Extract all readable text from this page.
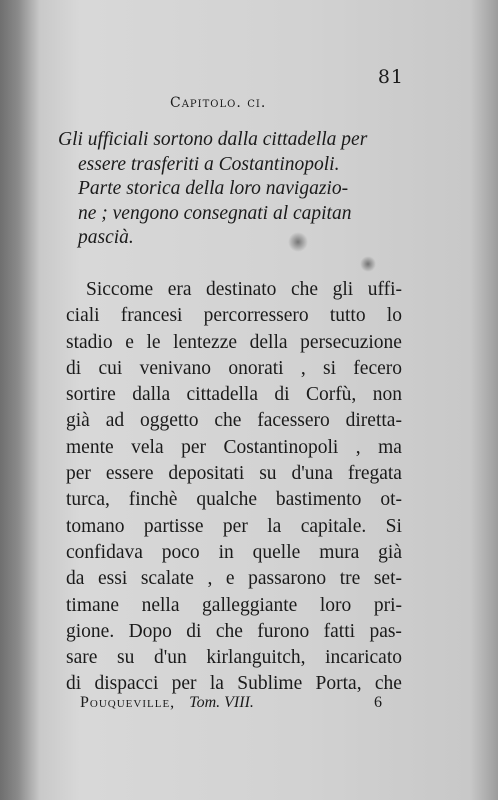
81
Capitolo. ci.
Gli ufficiali sortono dalla cittadella per
essere trasferiti a Costantinopoli.
Parte storica della loro navigazio-
ne ; vengono consegnati al capitan
pascià.
Siccome era destinato che gli uffi-
ciali francesi percorressero tutto lo
stadio e le lentezze della persecuzione
di cui venivano onorati , si fecero
sortire dalla cittadella di Corfù, non
già ad oggetto che facessero diretta-
mente vela per Costantinopoli , ma
per essere depositati su d'una fregata
turca, finchè qualche bastimento ot-
tomano partisse per la capitale. Si
confidava poco in quelle mura già
da essi scalate , e passarono tre set-
timane nella galleggiante loro pri-
gione. Dopo di che furono fatti pas-
sare su d'un kirlanguitch, incaricato
di dispacci per la Sublime Porta, che
Pouqueville, Tom. VIII.	6
